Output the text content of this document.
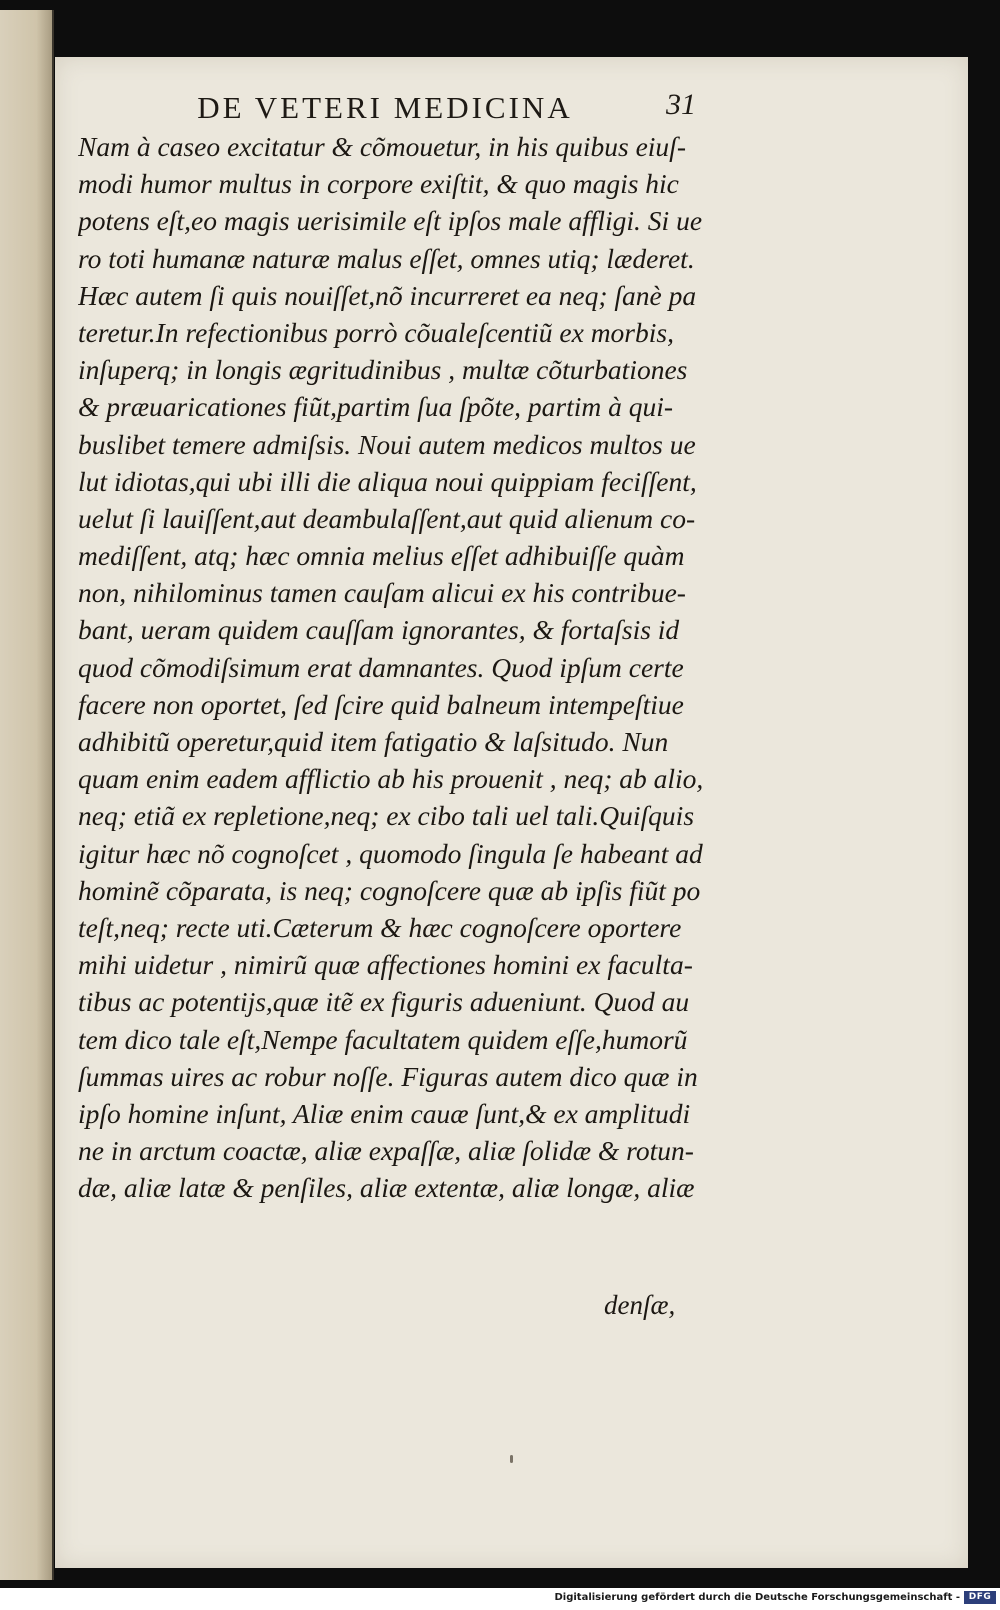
DE VETERI MEDICINA	31
Nam à caseo excitatur & cõmouetur, in his quibus eiuſ-
modi humor multus in corpore exiſtit, & quo magis hic
potens eſt,eo magis uerisimile eſt ipſos male affligi. Si ue
ro toti humanæ naturæ malus eſſet, omnes utiq; læderet.
Hæc autem ſi quis nouiſſet,nõ incurreret ea neq; ſanè pa
teretur.In refectionibus porrò cõualeſcentiũ ex morbis,
inſuperq; in longis ægritudinibus , multæ cõturbationes
& præuaricationes fiũt,partim ſua ſpõte, partim à qui-
buslibet temere admiſsis. Noui autem medicos multos ue
lut idiotas,qui ubi illi die aliqua noui quippiam feciſſent,
uelut ſi lauiſſent,aut deambulaſſent,aut quid alienum co-
mediſſent, atq; hæc omnia melius eſſet adhibuiſſe quàm
non, nihilominus tamen cauſam alicui ex his contribue-
bant, ueram quidem cauſſam ignorantes, & fortaſsis id
quod cõmodiſsimum erat damnantes. Quod ipſum certe
facere non oportet, ſed ſcire quid balneum intempeſtiue
adhibitũ operetur,quid item fatigatio & laſsitudo. Nun
quam enim eadem afflictio ab his prouenit , neq; ab alio,
neq; etiã ex repletione,neq; ex cibo tali uel tali.Quiſquis
igitur hæc nõ cognoſcet , quomodo ſingula ſe habeant ad
hominẽ cõparata, is neq; cognoſcere quæ ab ipſis fiũt po
teſt,neq; recte uti.Cæterum & hæc cognoſcere oportere
mihi uidetur , nimirũ quæ affectiones homini ex faculta-
tibus ac potentijs,quæ itẽ ex figuris adueniunt. Quod au
tem dico tale eſt,Nempe facultatem quidem eſſe,humorũ
ſummas uires ac robur noſſe. Figuras autem dico quæ in
ipſo homine inſunt, Aliæ enim cauæ ſunt,& ex amplitudi
ne in arctum coactæ, aliæ expaſſæ, aliæ ſolidæ & rotun-
dæ, aliæ latæ & penſiles, aliæ extentæ, aliæ longæ, aliæ
denſæ,
Digitalisierung gefördert durch die Deutsche Forschungsgemeinschaft - DFG
